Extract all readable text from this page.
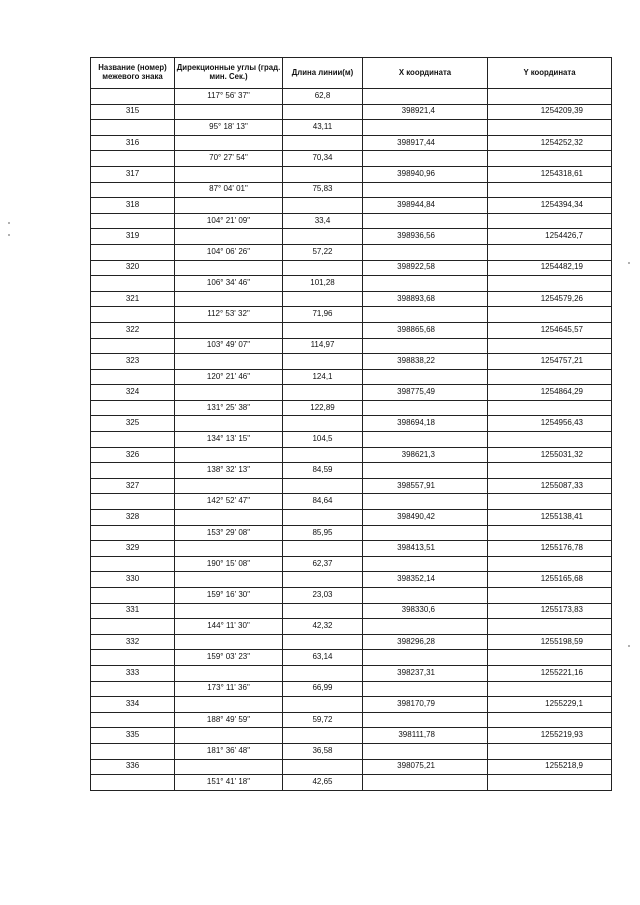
Название (номер) межевого знака	Дирекционные углы (град. мин. Сек.)	Длина линии(м)	X координата	Y координата
	117° 56' 37"	62,8		
315			398921,4	1254209,39
	95° 18' 13"	43,11		
316			398917,44	1254252,32
	70° 27' 54"	70,34		
317			398940,96	1254318,61
	87° 04' 01"	75,83		
318			398944,84	1254394,34
	104° 21' 09"	33,4		
319			398936,56	1254426,7
	104° 06' 26"	57,22		
320			398922,58	1254482,19
	106° 34' 46"	101,28		
321			398893,68	1254579,26
	112° 53' 32"	71,96		
322			398865,68	1254645,57
	103° 49' 07"	114,97		
323			398838,22	1254757,21
	120° 21' 46"	124,1		
324			398775,49	1254864,29
	131° 25' 38"	122,89		
325			398694,18	1254956,43
	134° 13' 15"	104,5		
326			398621,3	1255031,32
	138° 32' 13"	84,59		
327			398557,91	1255087,33
	142° 52' 47"	84,64		
328			398490,42	1255138,41
	153° 29' 08"	85,95		
329			398413,51	1255176,78
	190° 15' 08"	62,37		
330			398352,14	1255165,68
	159° 16' 30"	23,03		
331			398330,6	1255173,83
	144° 11' 30"	42,32		
332			398296,28	1255198,59
	159° 03' 23"	63,14		
333			398237,31	1255221,16
	173° 11' 36"	66,99		
334			398170,79	1255229,1
	188° 49' 59"	59,72		
335			398111,78	1255219,93
	181° 36' 48"	36,58		
336			398075,21	1255218,9
	151° 41' 18"	42,65		
